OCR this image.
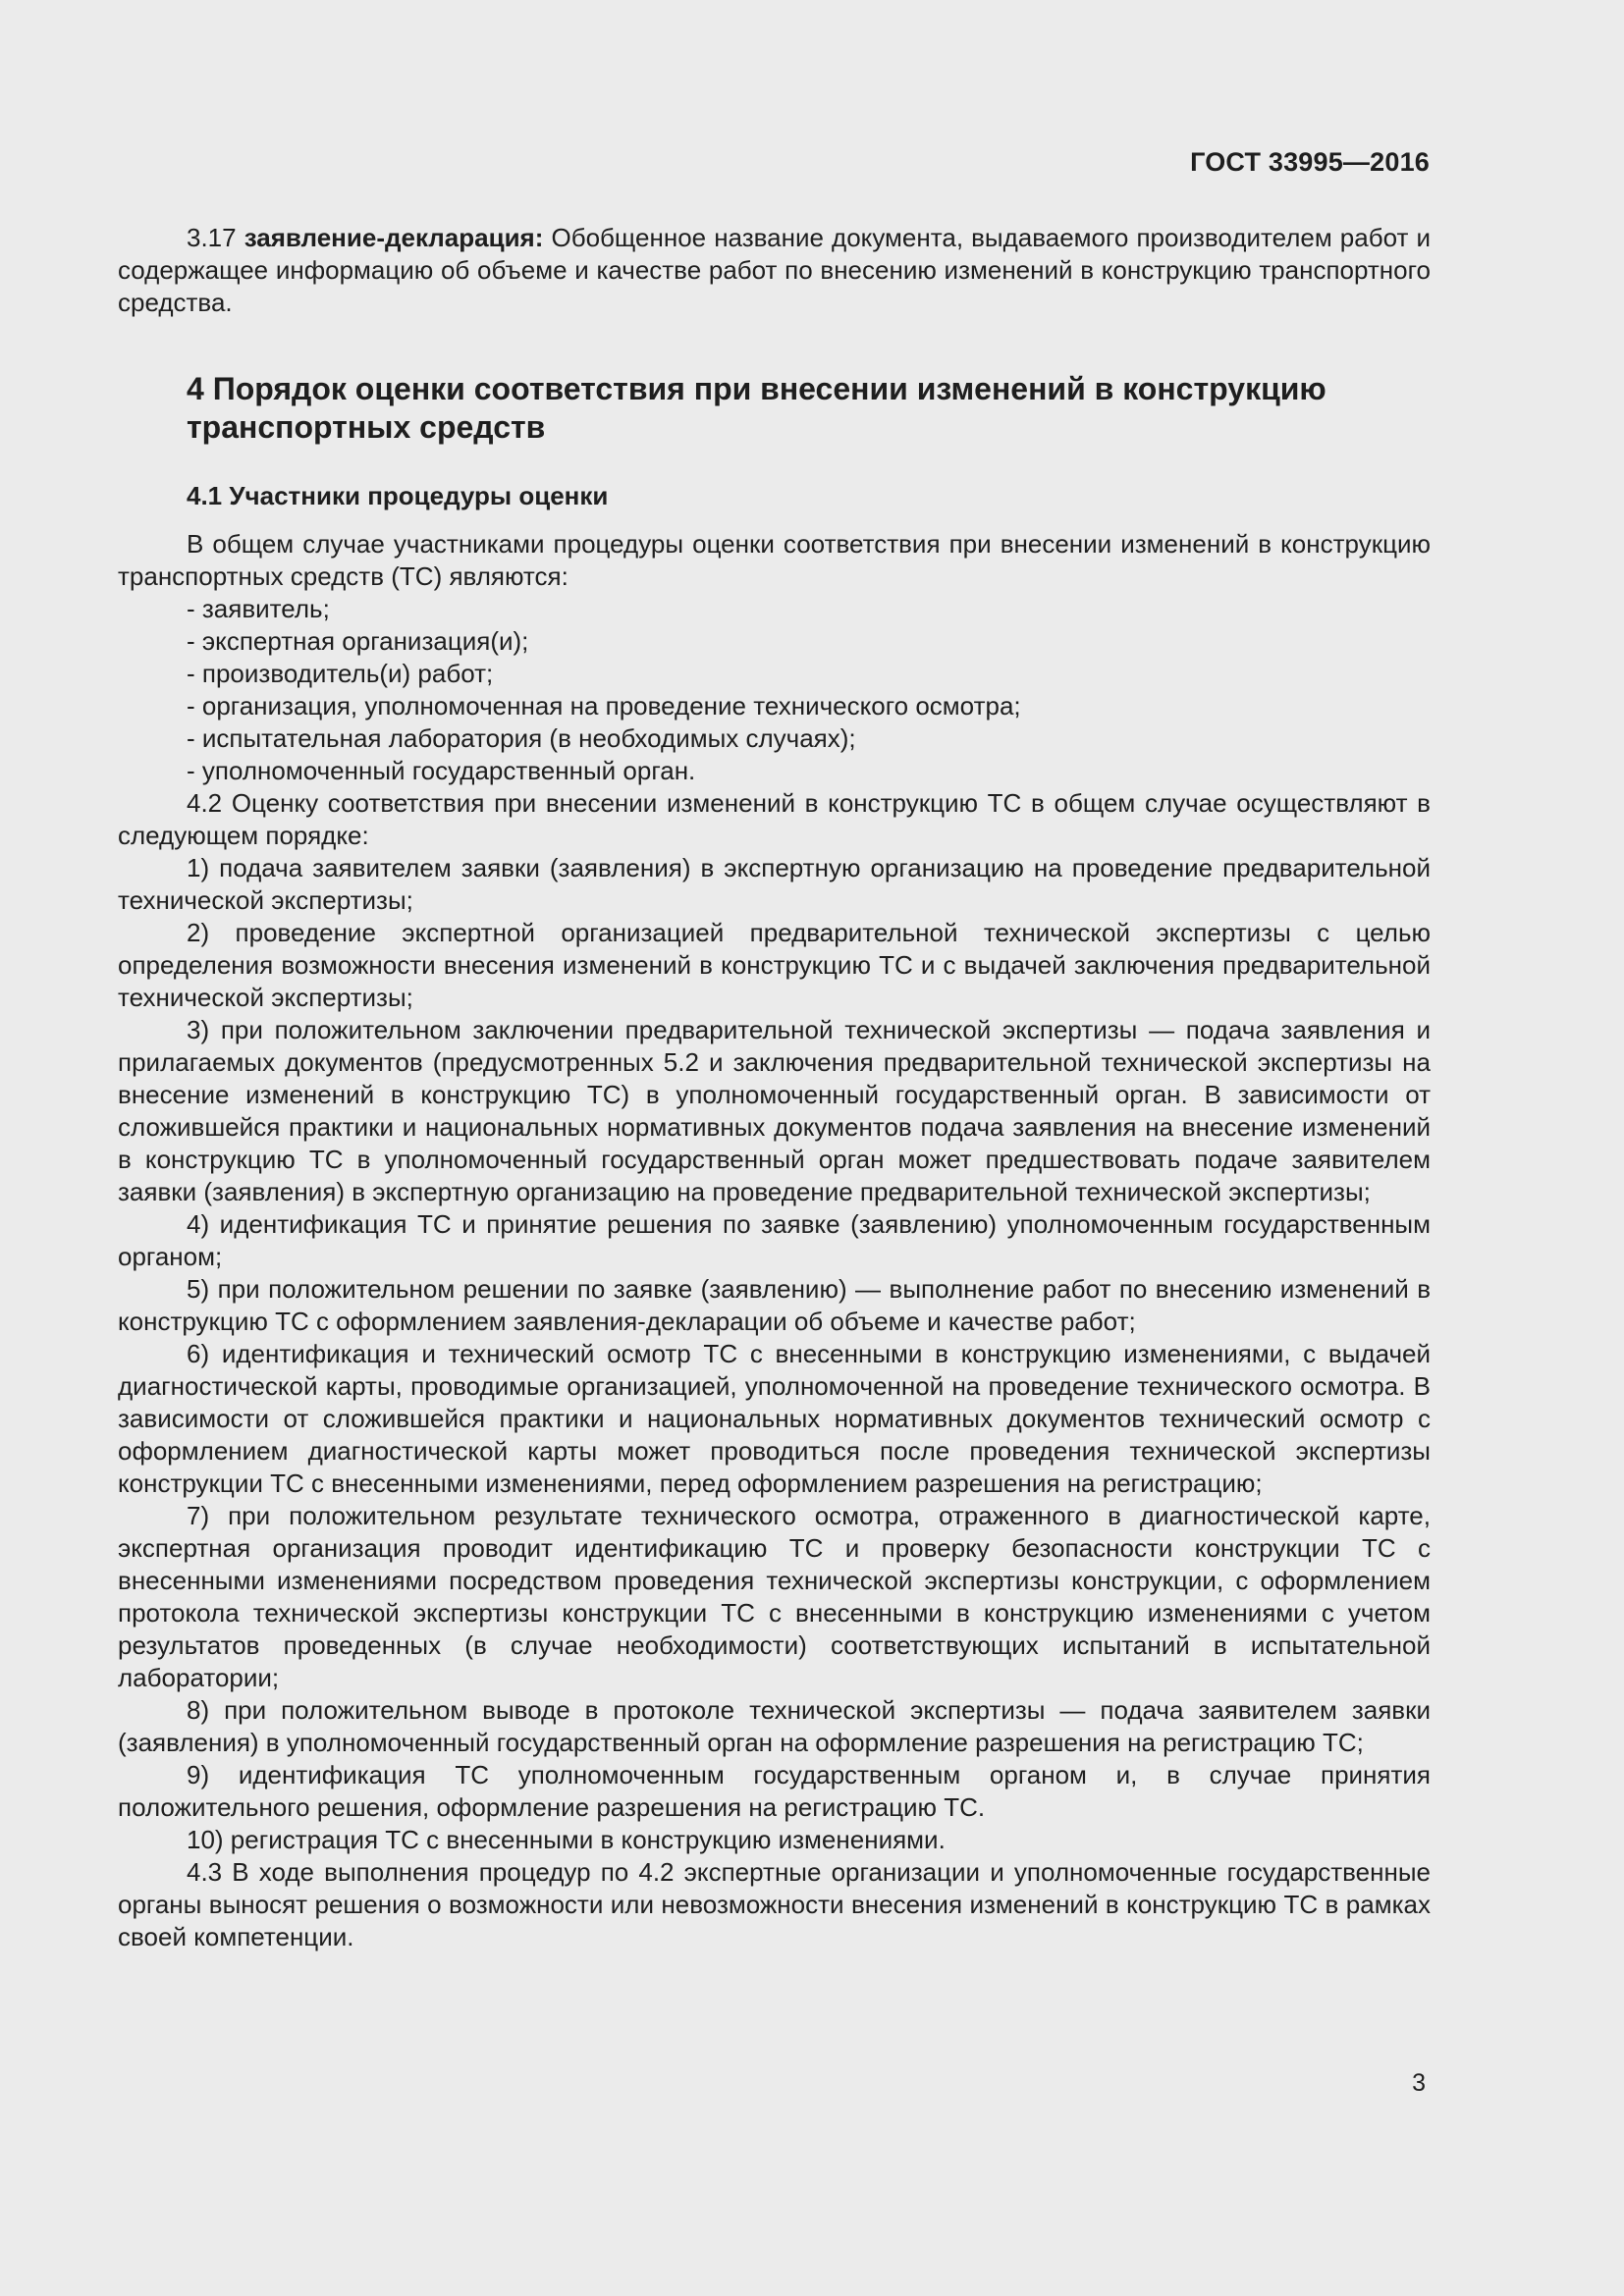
ГОСТ 33995—2016

3.17 заявление-декларация: Обобщенное название документа, выдаваемого производителем работ и содержащее информацию об объеме и качестве работ по внесению изменений в конструкцию транспортного средства.

4 Порядок оценки соответствия при внесении изменений в конструкцию транспортных средств
4.1 Участники процедуры оценки

В общем случае участниками процедуры оценки соответствия при внесении изменений в конструкцию транспортных средств (ТС) являются:

- заявитель;

- экспертная организация(и);

- производитель(и) работ;

- организация, уполномоченная на проведение технического осмотра;

- испытательная лаборатория (в необходимых случаях);

- уполномоченный государственный орган.

4.2 Оценку соответствия при внесении изменений в конструкцию ТС в общем случае осуществляют в следующем порядке:

1) подача заявителем заявки (заявления) в экспертную организацию на проведение предварительной технической экспертизы;

2) проведение экспертной организацией предварительной технической экспертизы с целью определения возможности внесения изменений в конструкцию ТС и с выдачей заключения предварительной технической экспертизы;

3) при положительном заключении предварительной технической экспертизы — подача заявления и прилагаемых документов (предусмотренных 5.2 и заключения предварительной технической экспертизы на внесение изменений в конструкцию ТС) в уполномоченный государственный орган. В зависимости от сложившейся практики и национальных нормативных документов подача заявления на внесение изменений в конструкцию ТС в уполномоченный государственный орган может предшествовать подаче заявителем заявки (заявления) в экспертную организацию на проведение предварительной технической экспертизы;

4) идентификация ТС и принятие решения по заявке (заявлению) уполномоченным государственным органом;

5) при положительном решении по заявке (заявлению) — выполнение работ по внесению изменений в конструкцию ТС с оформлением заявления-декларации об объеме и качестве работ;

6) идентификация и технический осмотр ТС с внесенными в конструкцию изменениями, с выдачей диагностической карты, проводимые организацией, уполномоченной на проведение технического осмотра. В зависимости от сложившейся практики и национальных нормативных документов технический осмотр с оформлением диагностической карты может проводиться после проведения технической экспертизы конструкции ТС с внесенными изменениями, перед оформлением разрешения на регистрацию;

7) при положительном результате технического осмотра, отраженного в диагностической карте, экспертная организация проводит идентификацию ТС и проверку безопасности конструкции ТС с внесенными изменениями посредством проведения технической экспертизы конструкции, с оформлением протокола технической экспертизы конструкции ТС с внесенными в конструкцию изменениями с учетом результатов проведенных (в случае необходимости) соответствующих испытаний в испытательной лаборатории;

8) при положительном выводе в протоколе технической экспертизы — подача заявителем заявки (заявления) в уполномоченный государственный орган на оформление разрешения на регистрацию ТС;

9) идентификация ТС уполномоченным государственным органом и, в случае принятия положительного решения, оформление разрешения на регистрацию ТС.

10) регистрация ТС с внесенными в конструкцию изменениями.

4.3 В ходе выполнения процедур по 4.2 экспертные организации и уполномоченные государственные органы выносят решения о возможности или невозможности внесения изменений в конструкцию ТС в рамках своей компетенции.

3
